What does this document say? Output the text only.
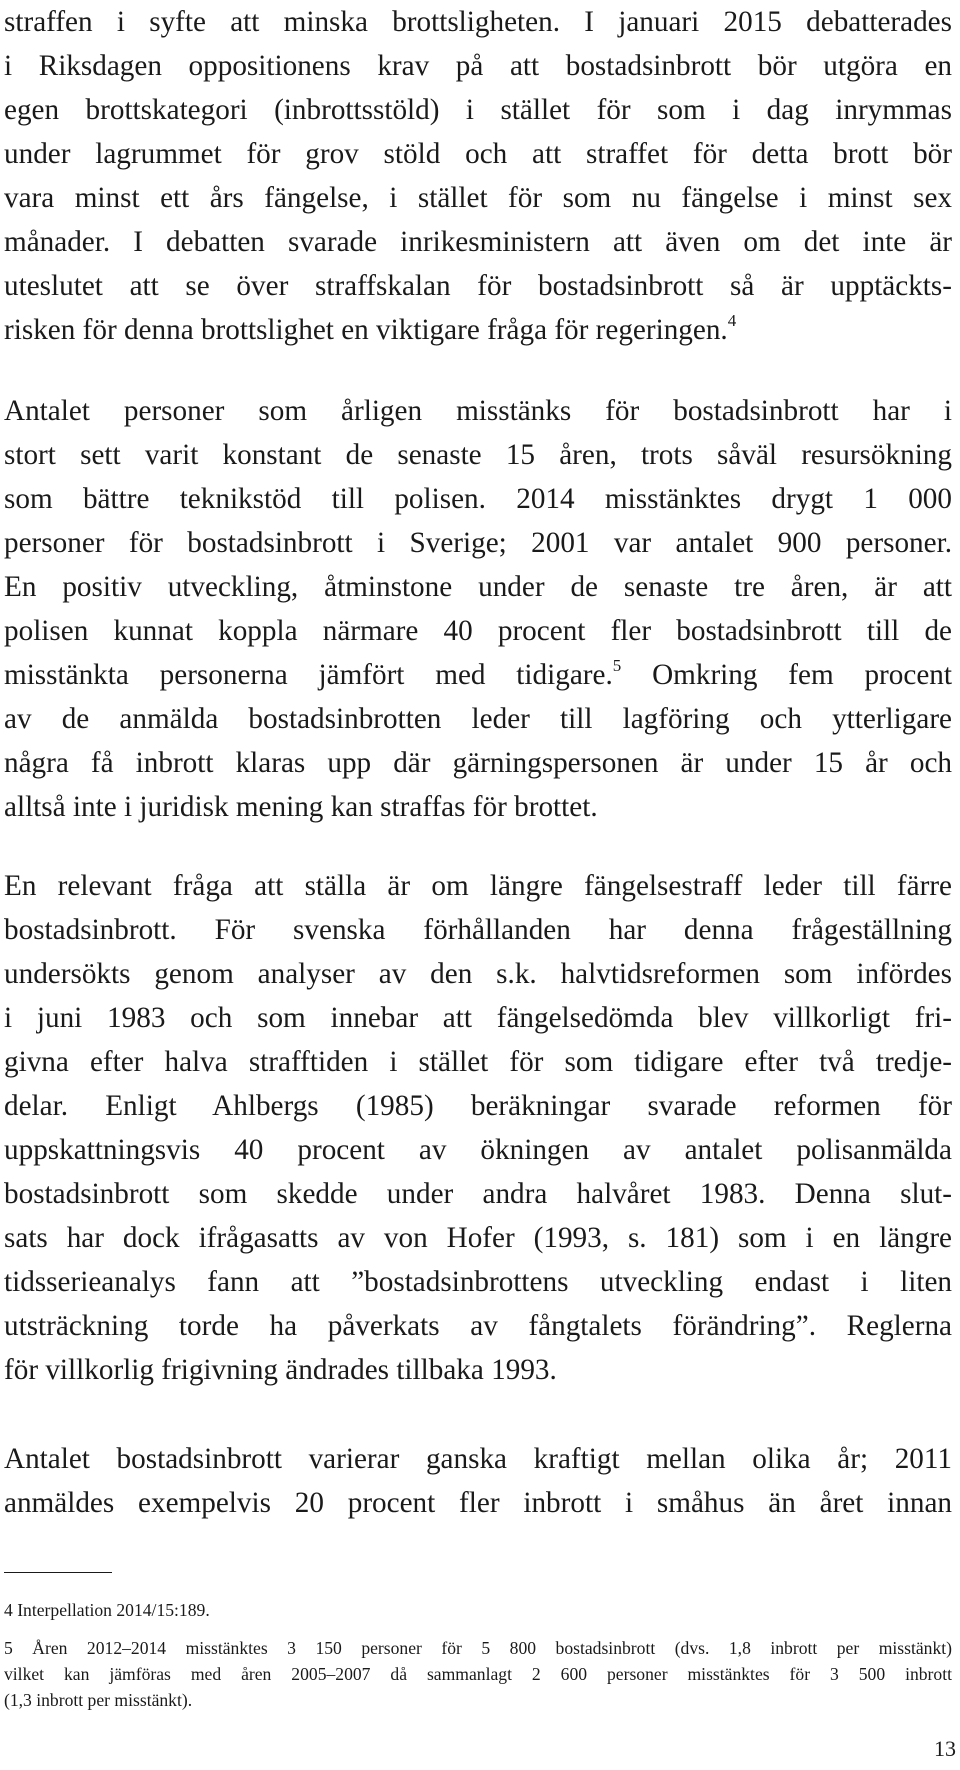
straffen i syfte att minska brottsligheten. I januari 2015 debatterades
i Riksdagen oppositionens krav på att bostadsinbrott bör utgöra en
egen brottskategori (inbrottsstöld) i stället för som i dag inrymmas
under lagrummet för grov stöld och att straffet för detta brott bör
vara minst ett års fängelse, i stället för som nu fängelse i minst sex
månader. I debatten svarade inrikesministern att även om det inte är
uteslutet att se över straffskalan för bostadsinbrott så är upptäckts-
risken för denna brottslighet en viktigare fråga för regeringen.$^4$
Antalet personer som årligen misstänks för bostadsinbrott har i
stort sett varit konstant de senaste 15 åren, trots såväl resursökning
som bättre teknikstöd till polisen. 2014 misstänktes drygt 1 000
personer för bostadsinbrott i Sverige; 2001 var antalet 900 personer.
En positiv utveckling, åtminstone under de senaste tre åren, är att
polisen kunnat koppla närmare 40 procent fler bostadsinbrott till de
misstänkta personerna jämfört med tidigare.$^5$ Omkring fem procent
av de anmälda bostadsinbrotten leder till lagföring och ytterligare
några få inbrott klaras upp där gärningspersonen är under 15 år och
alltså inte i juridisk mening kan straffas för brottet.
En relevant fråga att ställa är om längre fängelsestraff leder till färre
bostadsinbrott. För svenska förhållanden har denna frågeställning
undersökts genom analyser av den s.k. halvtidsreformen som infördes
i juni 1983 och som innebar att fängelsedömda blev villkorligt fri-
givna efter halva strafftiden i stället för som tidigare efter två tredje-
delar. Enligt Ahlbergs (1985) beräkningar svarade reformen för
uppskattningsvis 40 procent av ökningen av antalet polisanmälda
bostadsinbrott som skedde under andra halvåret 1983. Denna slut-
sats har dock ifrågasatts av von Hofer (1993, s. 181) som i en längre
tidsserieanalys fann att ”bostadsinbrottens utveckling endast i liten
utsträckning torde ha påverkats av fångtalets förändring”. Reglerna
för villkorlig frigivning ändrades tillbaka 1993.
Antalet bostadsinbrott varierar ganska kraftigt mellan olika år; 2011
anmäldes exempelvis 20 procent fler inbrott i småhus än året innan
4 Interpellation 2014/15:189.
5 Åren 2012–2014 misstänktes 3 150 personer för 5 800 bostadsinbrott (dvs. 1,8 inbrott per misstänkt)
vilket kan jämföras med åren 2005–2007 då sammanlagt 2 600 personer misstänktes för 3 500 inbrott
(1,3 inbrott per misstänkt).
13
